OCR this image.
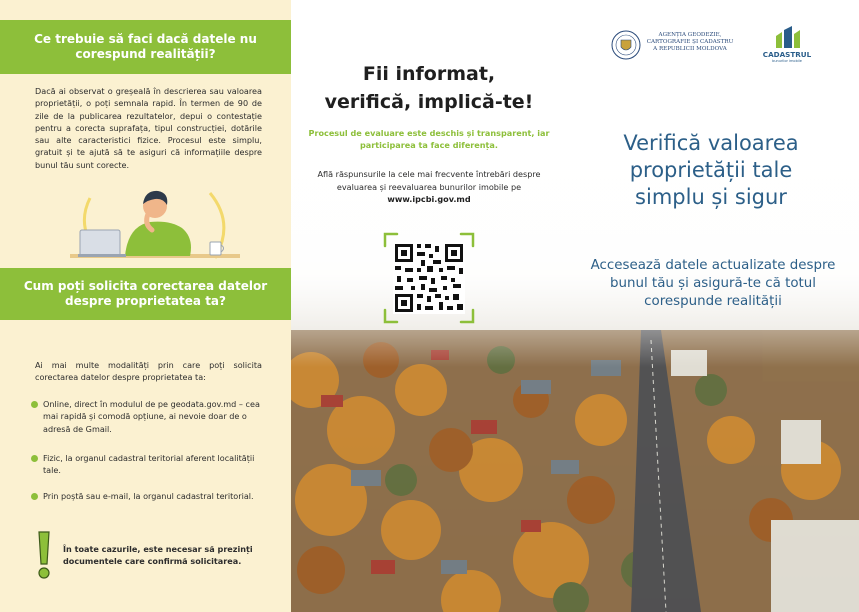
Ce trebuie să faci dacă datele nu corespund realității?

Dacă ai observat o greșeală în descrierea sau valoarea proprietății, o poți semnala rapid. În termen de 90 de zile de la publicarea rezultatelor, depui o contestație pentru a corecta suprafața, tipul construcției, dotările sau alte caracteristici fizice. Procesul este simplu, gratuit și te ajută să te asiguri că informațiile despre bunul tău sunt corecte.

Cum poți solicita corectarea datelor despre proprietatea ta?

Ai mai multe modalități prin care poți solicita corectarea datelor despre proprietatea ta:

Online, direct în modulul de pe geodata.gov.md – cea mai rapidă și comodă opțiune, ai nevoie doar de o adresă de Gmail.
Fizic, la organul cadastral teritorial aferent localității tale.
Prin poștă sau e-mail, la organul cadastral teritorial.

În toate cazurile, este necesar să prezinți documentele care confirmă solicitarea.

Fii informat,
verifică, implică-te!

Procesul de evaluare este deschis și transparent, iar participarea ta face diferența.

Află răspunsurile la cele mai frecvente întrebări despre evaluarea și reevaluarea bunurilor imobile pe

www.ipcbi.gov.md

AGENȚIA GEODEZIE,
CARTOGRAFIE ȘI CADASTRU
A REPUBLICII MOLDOVA
CADASTRUL
bunurilor imobile
Verifică valoarea
proprietății tale
simplu și sigur

Accesează datele actualizate despre bunul tău și asigură-te că totul corespunde realității
